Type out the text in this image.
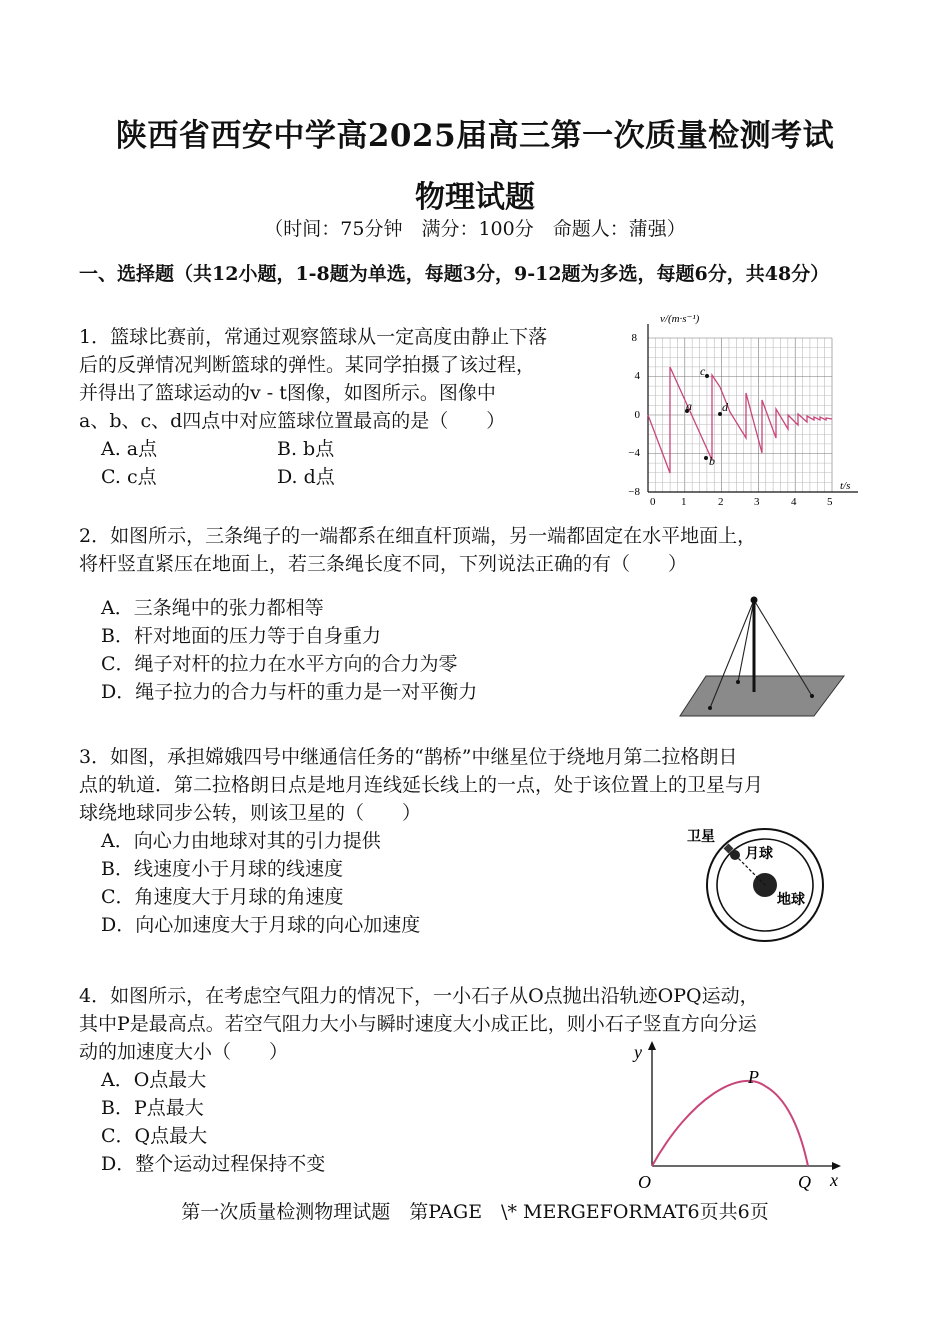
陕西省西安中学高2025届高三第一次质量检测考试
物理试题
（时间：75分钟　满分：100分　命题人：蒲强）
一、选择题（共12小题，1-8题为单选，每题3分，9-12题为多选，每题6分，共48分）
1．篮球比赛前，常通过观察篮球从一定高度由静止下落
后的反弹情况判断篮球的弹性。某同学拍摄了该过程，
并得出了篮球运动的v - t图像，如图所示。图像中
a、b、c、d四点中对应篮球位置最高的是（　　）
A. a点	B. b点
C. c点	D. d点
v/(m·s⁻¹)
t/s
8
4
0
−4
−8
0 1	2	3	4	5
a
b
c
d
2．如图所示，三条绳子的一端都系在细直杆顶端，另一端都固定在水平地面上，
将杆竖直紧压在地面上，若三条绳长度不同，下列说法正确的有（　　）
A．三条绳中的张力都相等
B．杆对地面的压力等于自身重力
C．绳子对杆的拉力在水平方向的合力为零
D．绳子拉力的合力与杆的重力是一对平衡力
3．如图，承担嫦娥四号中继通信任务的“鹊桥”中继星位于绕地月第二拉格朗日
点的轨道．第二拉格朗日点是地月连线延长线上的一点，处于该位置上的卫星与月
球绕地球同步公转，则该卫星的（　　）
A．向心力由地球对其的引力提供
B．线速度小于月球的线速度
C．角速度大于月球的角速度
D．向心加速度大于月球的向心加速度
卫星
月球
地球
4．如图所示，在考虑空气阻力的情况下，一小石子从O点抛出沿轨迹OPQ运动，
其中P是最高点。若空气阻力大小与瞬时速度大小成正比，则小石子竖直方向分运
动的加速度大小（　　）
A．O点最大
B．P点最大
C．Q点最大
D．整个运动过程保持不变
y
x
O
P
Q
第一次质量检测物理试题　第PAGE　\* MERGEFORMAT6页共6页
